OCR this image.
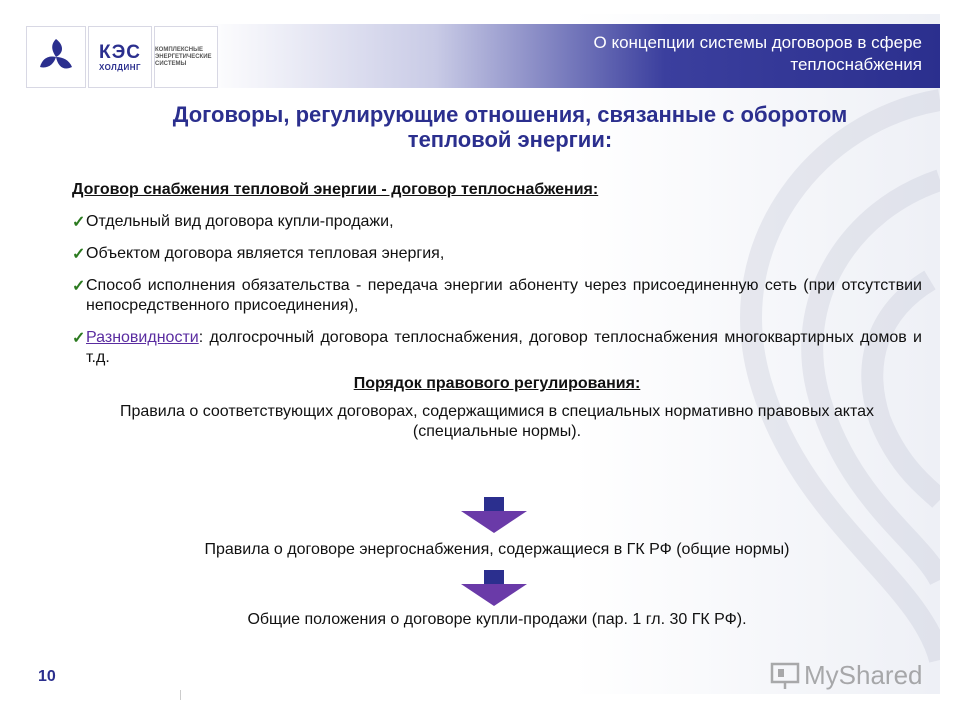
КЭС
ХОЛДИНГ
КОМПЛЕКСНЫЕ ЭНЕРГЕТИЧЕСКИЕ СИСТЕМЫ
О концепции системы договоров в сфере теплоснабжения
Договоры, регулирующие отношения, связанные с оборотом тепловой энергии:
Договор снабжения тепловой энергии - договор теплоснабжения:
✓ Отдельный вид договора купли-продажи,
✓ Объектом договора является тепловая энергия,
✓ Способ исполнения обязательства - передача энергии абоненту через присоединенную сеть (при отсутствии непосредственного присоединения),
✓ Разновидности: долгосрочный договора теплоснабжения, договор теплоснабжения многоквартирных домов и т.д.
Порядок правового регулирования:
Правила о соответствующих договорах, содержащимися в специальных нормативно правовых актах (специальные нормы).
Правила о договоре энергоснабжения, содержащиеся в ГК РФ (общие нормы)
Общие положения о договоре купли-продажи (пар. 1 гл. 30 ГК РФ).
10	MyShared
